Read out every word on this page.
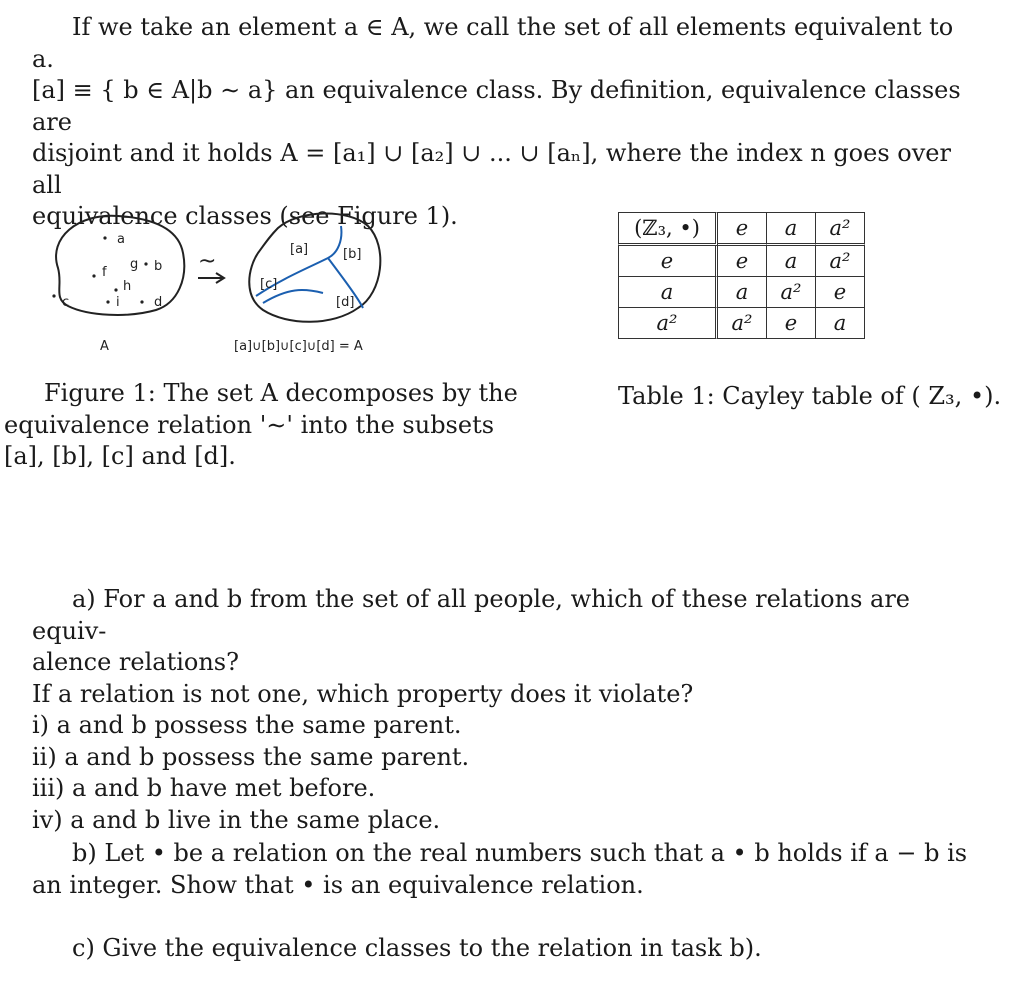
If we take an element a ∈ A, we call the set of all elements equivalent to a.
[a] ≡ { b ∈ A|b ∼ a} an equivalence class. By definition, equivalence classes are
disjoint and it holds A = [a₁] ∪ [a₂] ∪ ... ∪ [aₙ], where the index n goes over all
equivalence classes (see Figure 1).
a
g b
f
h
c	i	d
A
~	[a]	[b]
[c]
[d]
[a]∪[b]∪[c]∪[d] = A
Figure 1: The set A decomposes by the
equivalence relation '∼' into the subsets
[a], [b], [c] and [d].
(ℤ₃, •)	e	a	a²
e	e	a	a²
a	a	a²	e
a²	a²	e	a
Table 1: Cayley table of ( Z₃, •).
a) For a and b from the set of all people, which of these relations are equiv-
alence relations?
If a relation is not one, which property does it violate?
i) a and b possess the same parent.
ii) a and b possess the same parent.
iii) a and b have met before.
iv) a and b live in the same place.
b) Let • be a relation on the real numbers such that a • b holds if a − b is
an integer. Show that • is an equivalence relation.
c) Give the equivalence classes to the relation in task b).
